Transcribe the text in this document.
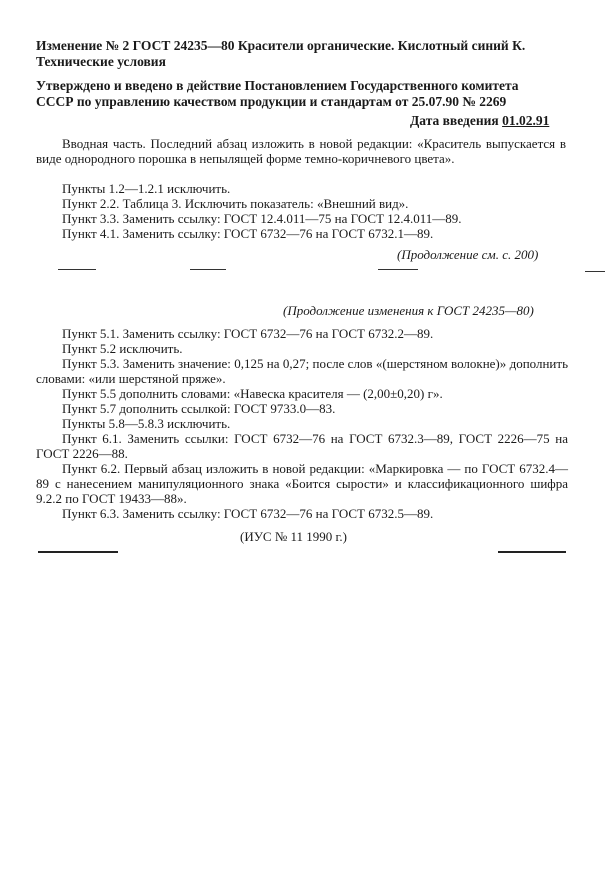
Изменение № 2 ГОСТ 24235—80 Красители органические. Кислотный синий К.
Технические условия
Утверждено и введено в действие Постановлением Государственного комитета
СССР по управлению качеством продукции и стандартам от 25.07.90 № 2269
Дата введения 01.02.91
Вводная часть. Последний абзац изложить в новой редакции: «Краситель выпускается в виде однородного порошка в непылящей форме темно-коричневого цвета».
Пункты 1.2—1.2.1 исключить.
Пункт 2.2. Таблица 3. Исключить показатель: «Внешний вид».
Пункт 3.3. Заменить ссылку: ГОСТ 12.4.011—75 на ГОСТ 12.4.011—89.
Пункт 4.1. Заменить ссылку: ГОСТ 6732—76 на ГОСТ 6732.1—89.
(Продолжение см. с. 200)
(Продолжение изменения к ГОСТ 24235—80)
Пункт 5.1. Заменить ссылку: ГОСТ 6732—76 на ГОСТ 6732.2—89.
Пункт 5.2 исключить.
Пункт 5.3. Заменить значение: 0,125 на 0,27; после слов «(шерстяном волокне)» дополнить словами: «или шерстяной пряже».
Пункт 5.5 дополнить словами: «Навеска красителя — (2,00±0,20) г».
Пункт 5.7 дополнить ссылкой: ГОСТ 9733.0—83.
Пункты 5.8—5.8.3 исключить.
Пункт 6.1. Заменить ссылки: ГОСТ 6732—76 на ГОСТ 6732.3—89, ГОСТ 2226—75 на ГОСТ 2226—88.
Пункт 6.2. Первый абзац изложить в новой редакции: «Маркировка — по ГОСТ 6732.4—89 с нанесением манипуляционного знака «Боится сырости» и классификационного шифра 9.2.2 по ГОСТ 19433—88».
Пункт 6.3. Заменить ссылку: ГОСТ 6732—76 на ГОСТ 6732.5—89.
(ИУС № 11 1990 г.)
